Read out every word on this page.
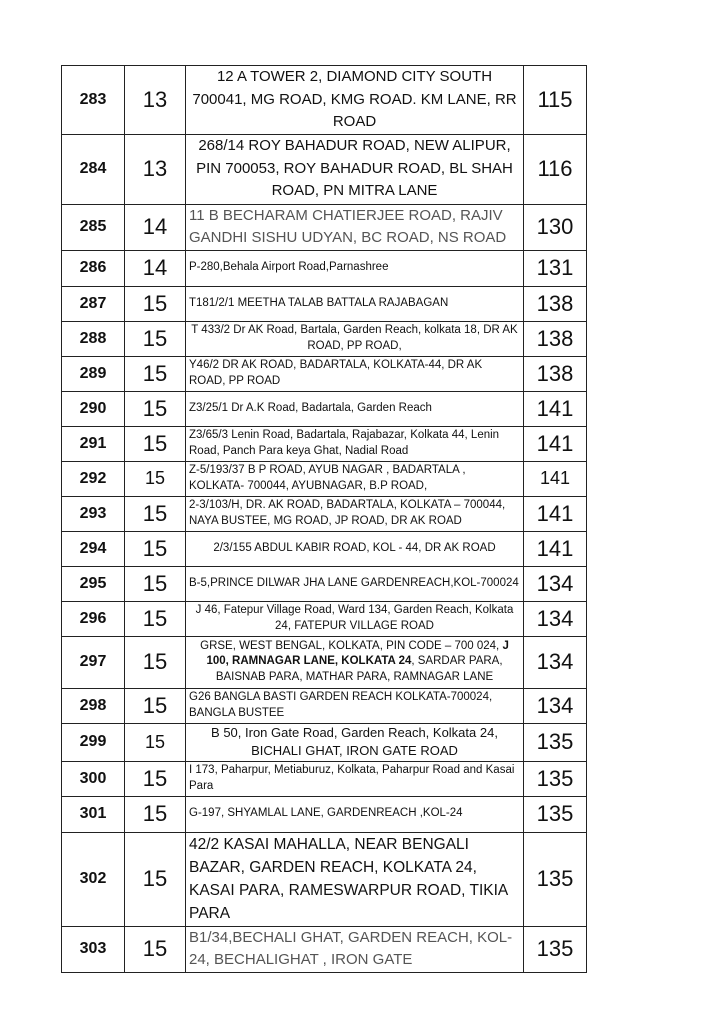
283	13	12 A TOWER 2, DIAMOND CITY SOUTH 700041, MG ROAD, KMG ROAD. KM LANE, RR ROAD	115
284	13	268/14 ROY BAHADUR ROAD, NEW ALIPUR, PIN 700053, ROY BAHADUR ROAD, BL SHAH ROAD, PN MITRA LANE	116
285	14	11 B BECHARAM CHATIERJEE ROAD, RAJIV GANDHI SISHU UDYAN, BC ROAD, NS ROAD	130
286	14	P-280,Behala Airport Road,Parnashree	131
287	15	T181/2/1 MEETHA TALAB BATTALA RAJABAGAN	138
288	15	T 433/2 Dr AK Road, Bartala, Garden Reach, kolkata 18, DR AK ROAD, PP ROAD,	138
289	15	Y46/2 DR AK ROAD, BADARTALA, KOLKATA-44, DR AK ROAD, PP ROAD	138
290	15	Z3/25/1 Dr A.K Road, Badartala, Garden Reach	141
291	15	Z3/65/3 Lenin Road, Badartala, Rajabazar, Kolkata 44, Lenin Road, Panch Para keya Ghat, Nadial Road	141
292	15	Z-5/193/37 B P ROAD, AYUB NAGAR , BADARTALA , KOLKATA- 700044, AYUBNAGAR, B.P ROAD,	141
293	15	2-3/103/H, DR. AK ROAD, BADARTALA, KOLKATA – 700044, NAYA BUSTEE, MG ROAD, JP ROAD, DR AK ROAD	141
294	15	2/3/155 ABDUL KABIR ROAD, KOL - 44, DR AK ROAD	141
295	15	B-5,PRINCE DILWAR JHA LANE GARDENREACH,KOL-700024	134
296	15	J 46, Fatepur Village Road, Ward 134, Garden Reach, Kolkata 24, FATEPUR VILLAGE ROAD	134
297	15	GRSE, WEST BENGAL, KOLKATA, PIN CODE – 700 024, J 100, RAMNAGAR LANE, KOLKATA 24, SARDAR PARA, BAISNAB PARA, MATHAR PARA, RAMNAGAR LANE	134
298	15	G26 BANGLA BASTI GARDEN REACH KOLKATA-700024, BANGLA BUSTEE	134
299	15	B 50, Iron Gate Road, Garden Reach, Kolkata 24, BICHALI GHAT, IRON GATE ROAD	135
300	15	I 173, Paharpur, Metiaburuz, Kolkata, Paharpur Road and Kasai Para	135
301	15	G-197, SHYAMLAL LANE, GARDENREACH ,KOL-24	135
302	15	42/2 KASAI MAHALLA, NEAR BENGALI BAZAR, GARDEN REACH, KOLKATA 24, KASAI PARA, RAMESWARPUR ROAD, TIKIA PARA	135
303	15	B1/34,BECHALI GHAT, GARDEN REACH, KOL-24, BECHALIGHAT , IRON GATE	135
